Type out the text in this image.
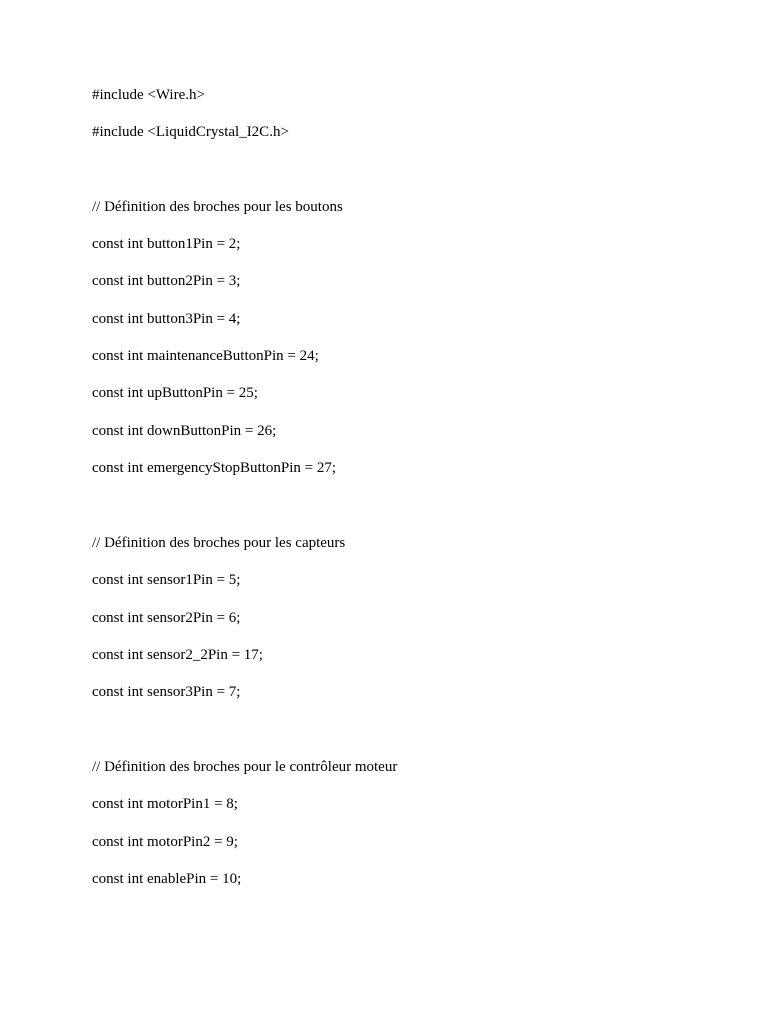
#include <Wire.h>
#include <LiquidCrystal_I2C.h>
// Définition des broches pour les boutons
const int button1Pin = 2;
const int button2Pin = 3;
const int button3Pin = 4;
const int maintenanceButtonPin = 24;
const int upButtonPin = 25;
const int downButtonPin = 26;
const int emergencyStopButtonPin = 27;
// Définition des broches pour les capteurs
const int sensor1Pin = 5;
const int sensor2Pin = 6;
const int sensor2_2Pin = 17;
const int sensor3Pin = 7;
// Définition des broches pour le contrôleur moteur
const int motorPin1 = 8;
const int motorPin2 = 9;
const int enablePin = 10;
